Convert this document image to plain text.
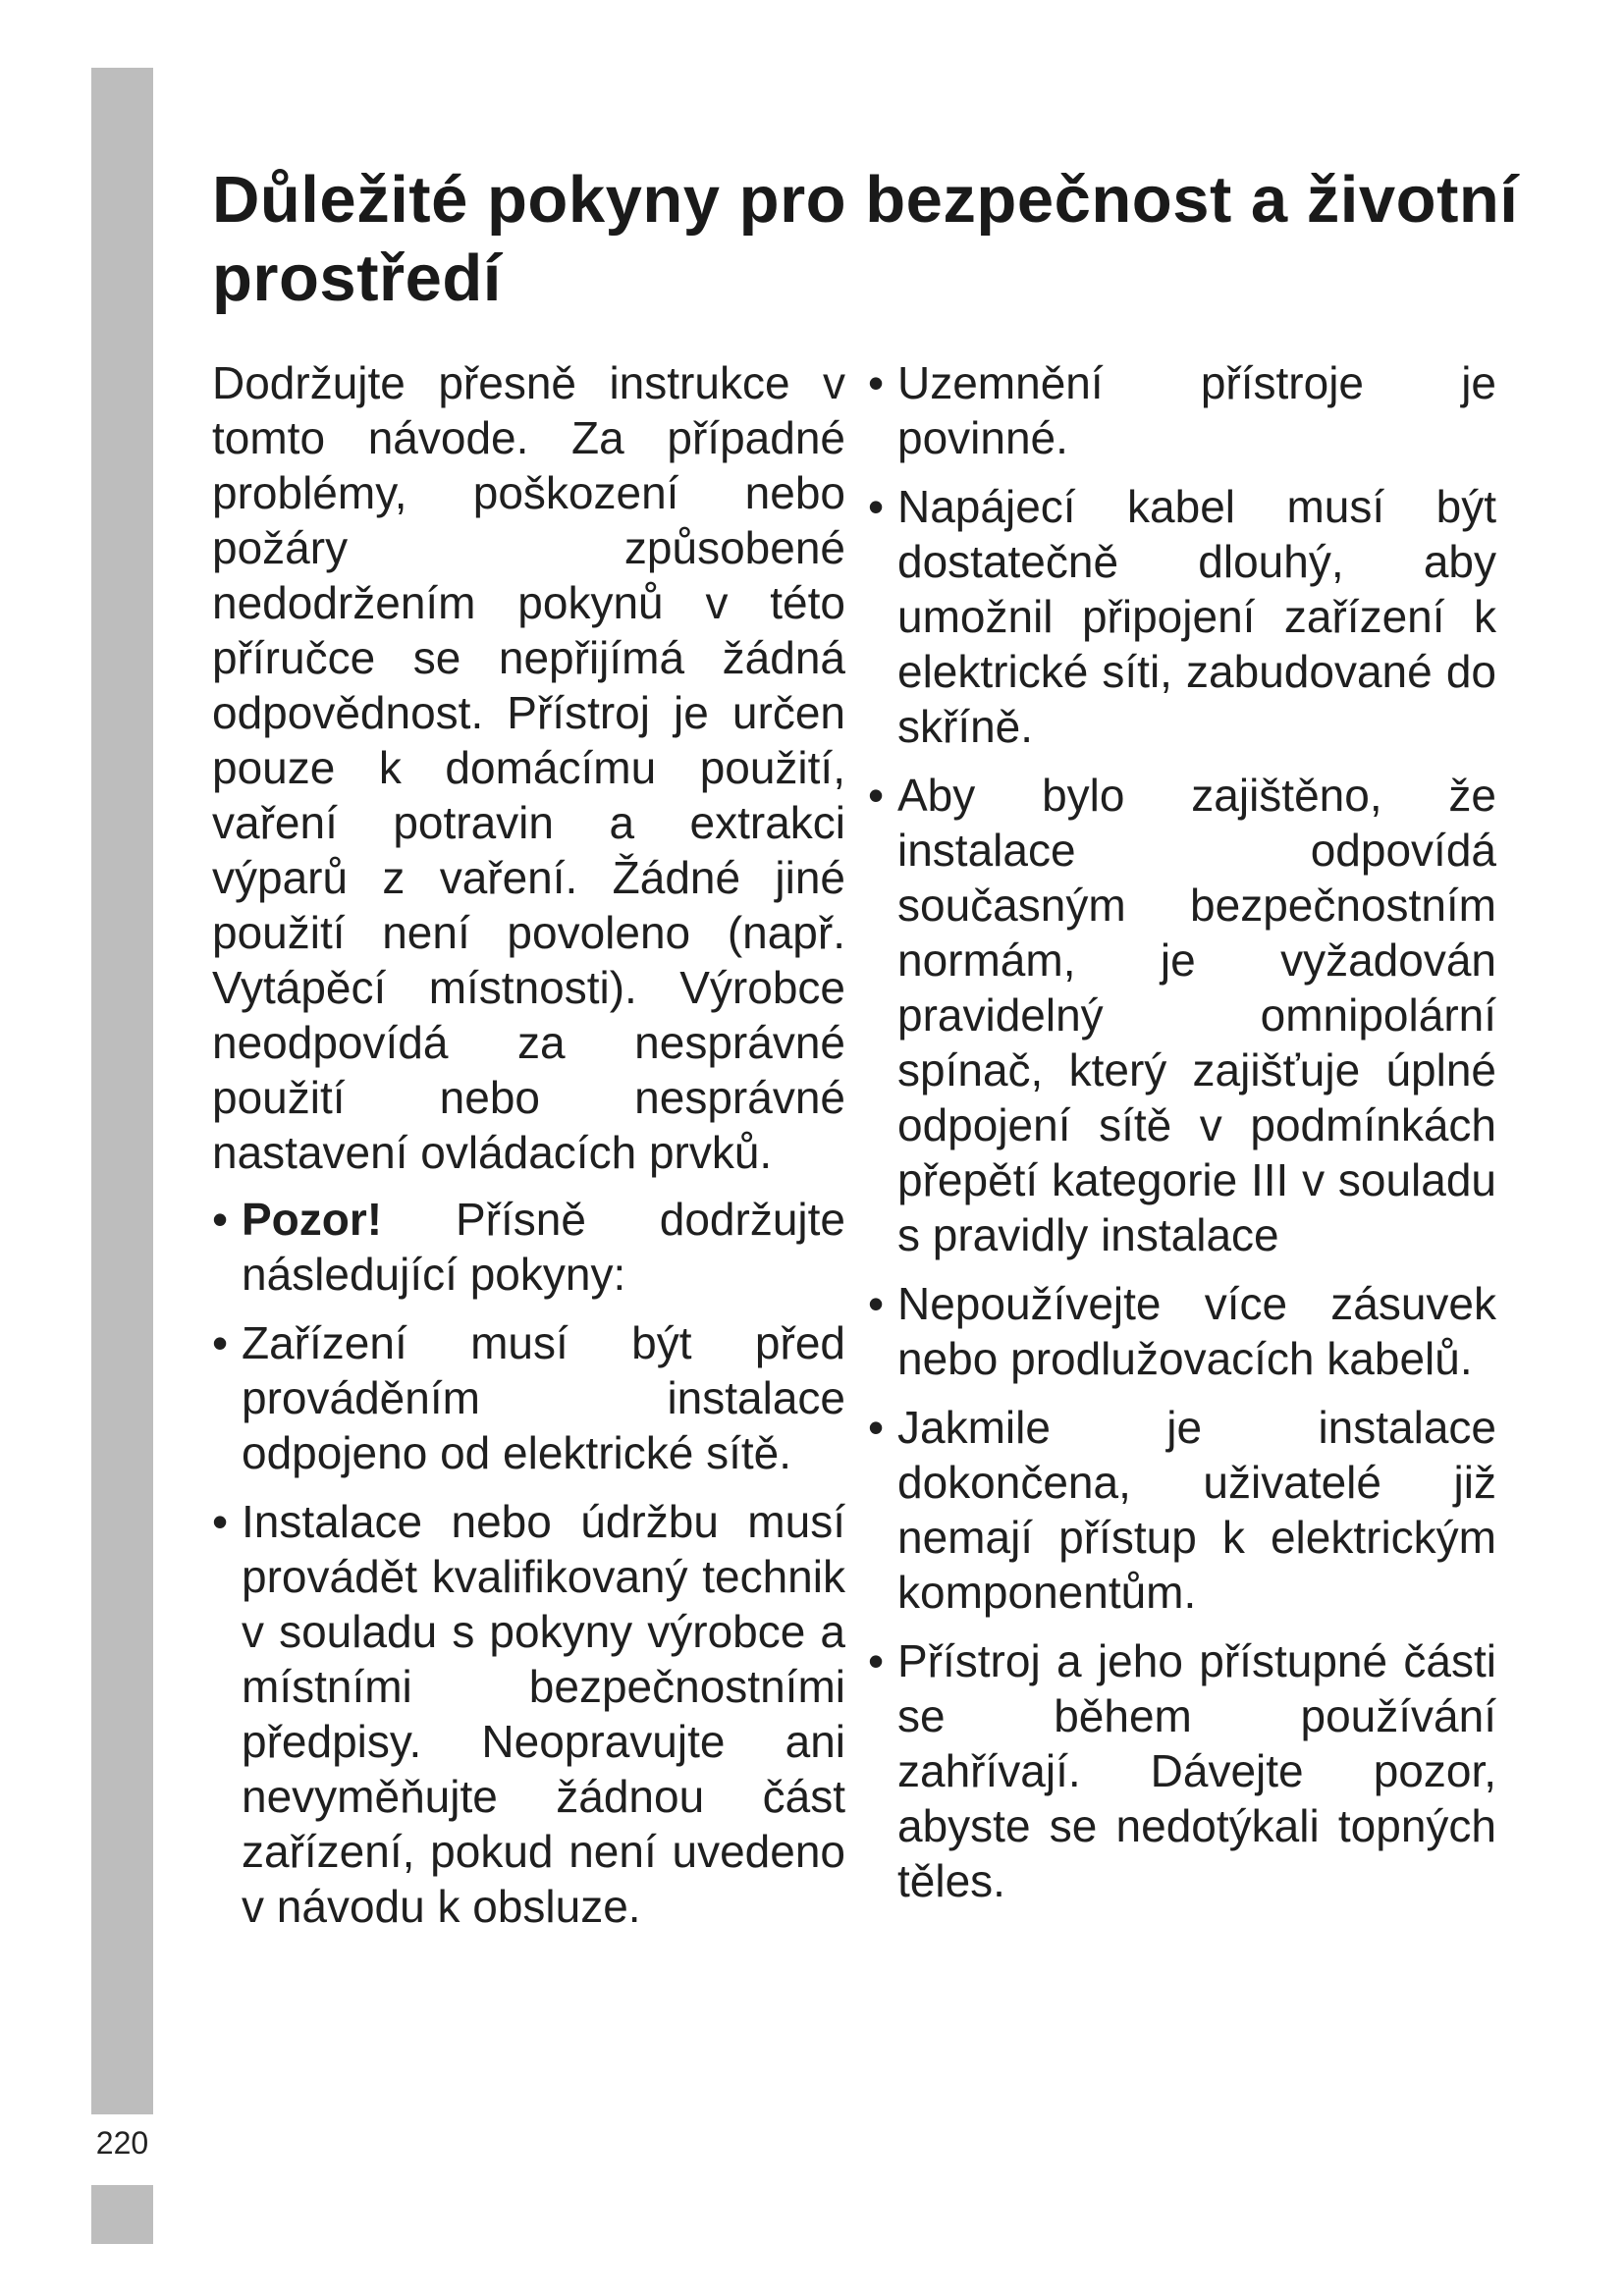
220
Důležité pokyny pro bezpečnost a životní prostředí

Dodržujte přesně instrukce v tomto návode. Za případné problémy, poškození nebo požáry způsobené nedodržením pokynů v této příručce se nepřijímá žádná odpovědnost. Přístroj je určen pouze k domácímu použití, vaření potravin a extrakci výparů z vaření. Žádné jiné použití není povoleno (např. Vytápěcí místnosti). Výrobce neodpovídá za nesprávné použití nebo nesprávné nastavení ovládacích prvků.

• Pozor! Přísně dodržujte následující pokyny:

• Zařízení musí být před prováděním instalace odpojeno od elektrické sítě.

• Instalace nebo údržbu musí provádět kvalifikovaný technik v souladu s pokyny výrobce a místními bezpečnostními předpisy. Neopravujte ani nevyměňujte žádnou část zařízení, pokud není uvedeno v návodu k obsluze.

• Uzemnění přístroje je povinné.

• Napájecí kabel musí být dostatečně dlouhý, aby umožnil připojení zařízení k elektrické síti, zabudované do skříně.

• Aby bylo zajištěno, že instalace odpovídá současným bezpečnostním normám, je vyžadován pravidelný omnipolární spínač, který zajišťuje úplné odpojení sítě v podmínkách přepětí kategorie III v souladu s pravidly instalace

• Nepoužívejte více zásuvek nebo prodlužovacích kabelů.

• Jakmile je instalace dokončena, uživatelé již nemají přístup k elektrickým komponentům.

• Přístroj a jeho přístupné části se během používání zahřívají. Dávejte pozor, abyste se nedotýkali topných těles.
